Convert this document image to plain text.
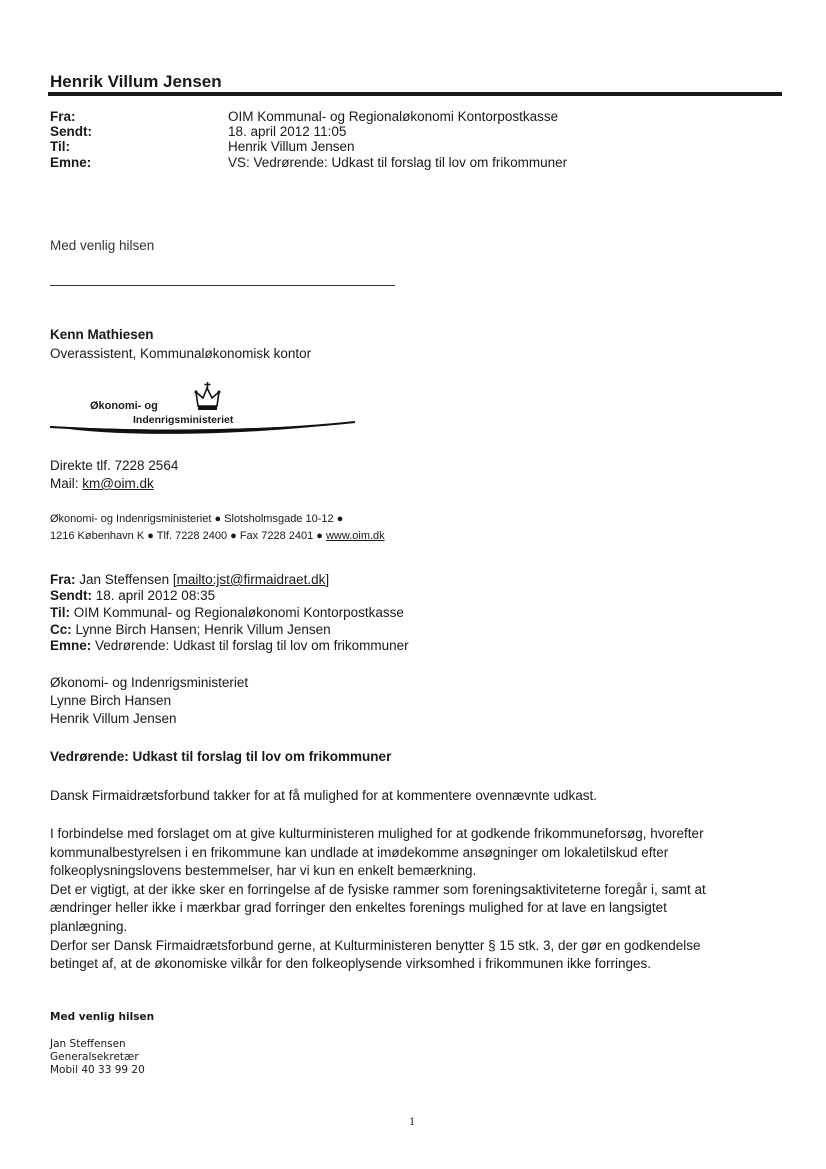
Henrik Villum Jensen
Fra:	OIM Kommunal- og Regionaløkonomi Kontorpostkasse
Sendt:	18. april 2012 11:05
Til:	Henrik Villum Jensen
Emne:	VS: Vedrørende: Udkast til forslag til lov om frikommuner
Med venlig hilsen
Kenn Mathiesen
Overassistent, Kommunaløkonomisk kontor
Økonomi- og
Indenrigsministeriet
Direkte tlf. 7228 2564
Mail: km@oim.dk
Økonomi- og Indenrigsministeriet ● Slotsholmsgade 10-12 ●
1216 København K ● Tlf. 7228 2400 ● Fax 7228 2401 ● www.oim.dk
Fra: Jan Steffensen [mailto:jst@firmaidraet.dk]
Sendt: 18. april 2012 08:35
Til: OIM Kommunal- og Regionaløkonomi Kontorpostkasse
Cc: Lynne Birch Hansen; Henrik Villum Jensen
Emne: Vedrørende: Udkast til forslag til lov om frikommuner
Økonomi- og Indenrigsministeriet
Lynne Birch Hansen
Henrik Villum Jensen
Vedrørende: Udkast til forslag til lov om frikommuner
Dansk Firmaidrætsforbund takker for at få mulighed for at kommentere ovennævnte udkast.
I forbindelse med forslaget om at give kulturministeren mulighed for at godkende frikommuneforsøg, hvorefter
kommunalbestyrelsen i en frikommune kan undlade at imødekomme ansøgninger om lokaletilskud efter
folkeoplysningslovens bestemmelser, har vi kun en enkelt bemærkning.
Det er vigtigt, at der ikke sker en forringelse af de fysiske rammer som foreningsaktiviteterne foregår i, samt at
ændringer heller ikke i mærkbar grad forringer den enkeltes forenings mulighed for at lave en langsigtet
planlægning.
Derfor ser Dansk Firmaidrætsforbund gerne, at Kulturministeren benytter § 15 stk. 3, der gør en godkendelse
betinget af, at de økonomiske vilkår for den folkeoplysende virksomhed i frikommunen ikke forringes.
Med venlig hilsen
Jan Steffensen
Generalsekretær
Mobil 40 33 99 20
1
